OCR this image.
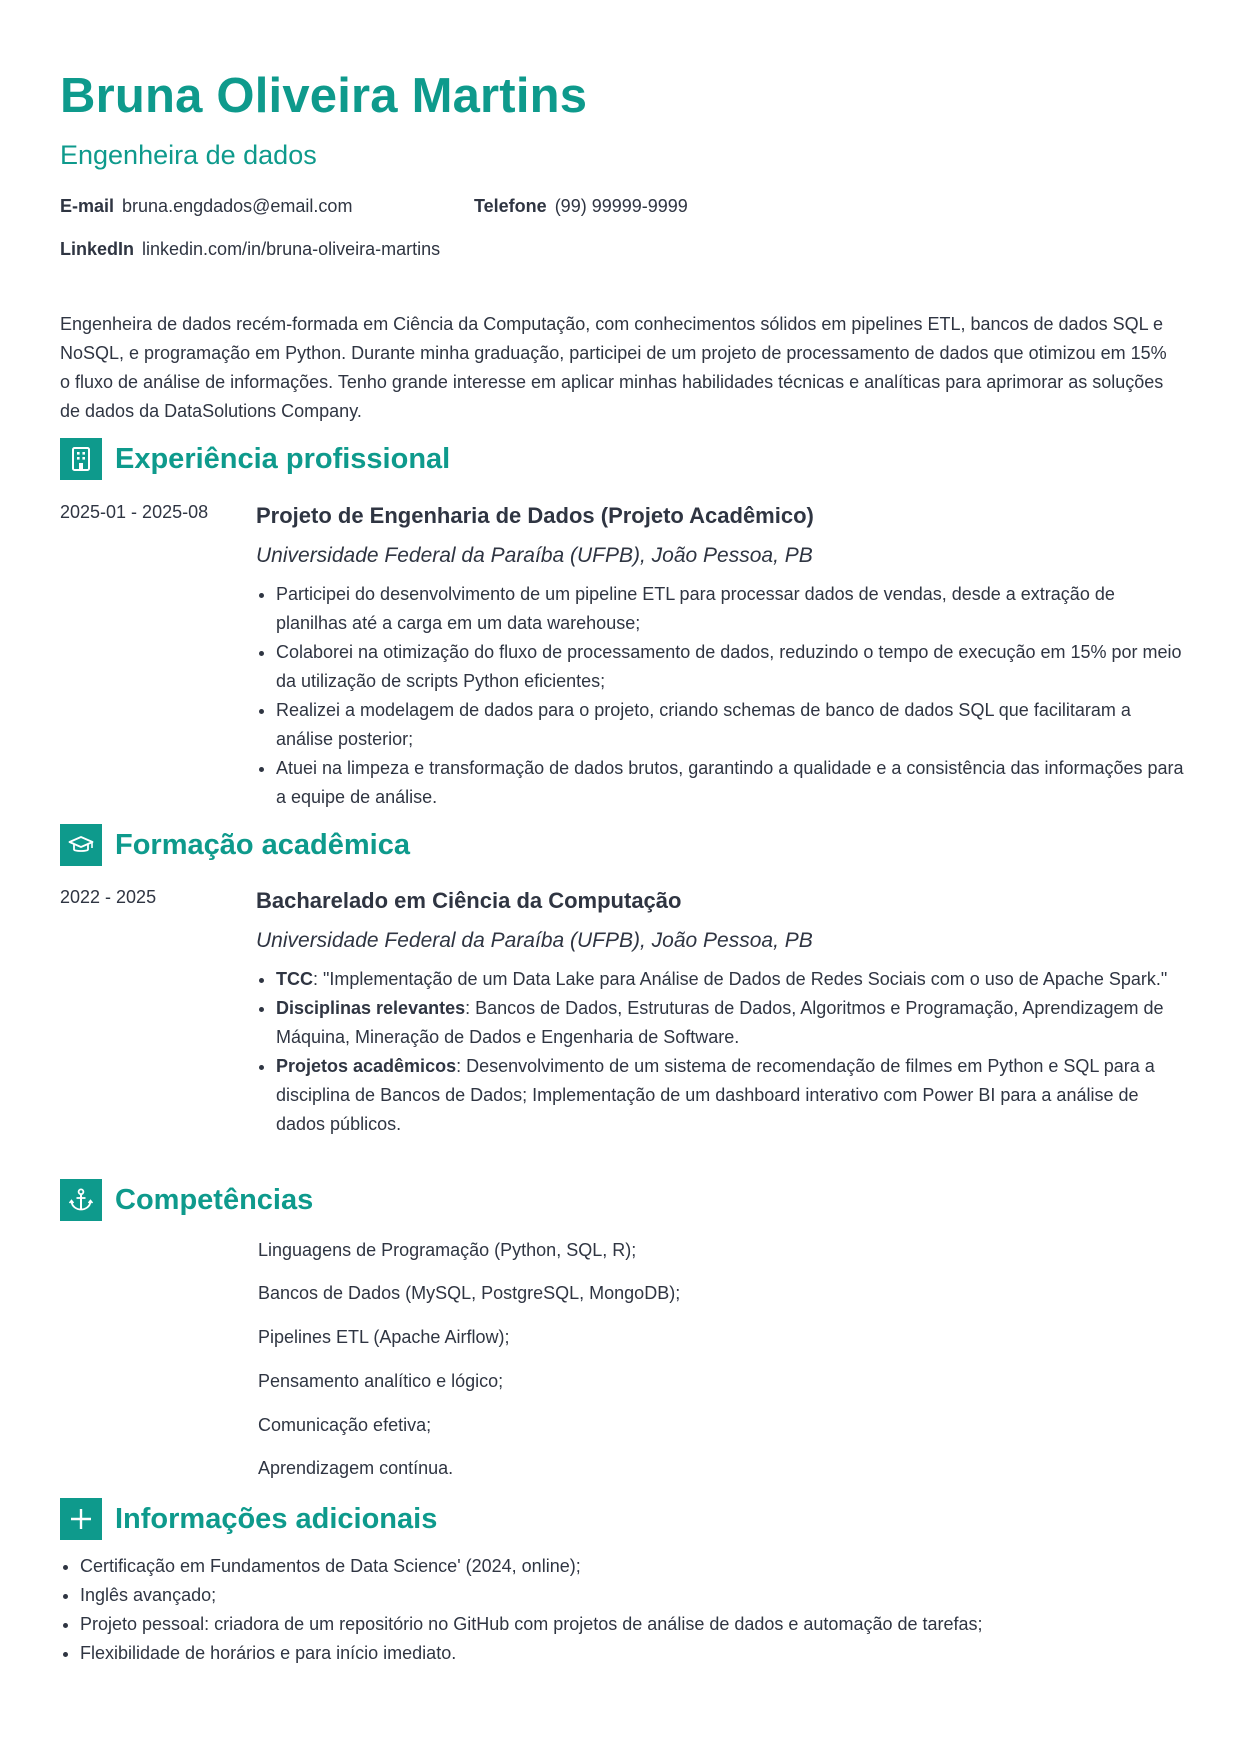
Bruna Oliveira Martins
Engenheira de dados
E-mail bruna.engdados@email.com	Telefone (99) 99999-9999
LinkedIn linkedin.com/in/bruna-oliveira-martins
Engenheira de dados recém-formada em Ciência da Computação, com conhecimentos sólidos em pipelines ETL, bancos de dados SQL e NoSQL, e programação em Python. Durante minha graduação, participei de um projeto de processamento de dados que otimizou em 15% o fluxo de análise de informações. Tenho grande interesse em aplicar minhas habilidades técnicas e analíticas para aprimorar as soluções de dados da DataSolutions Company.
Experiência profissional
2025-01 - 2025-08 Projeto de Engenharia de Dados (Projeto Acadêmico)
Universidade Federal da Paraíba (UFPB), João Pessoa, PB
• Participei do desenvolvimento de um pipeline ETL para processar dados de vendas, desde a extração de planilhas até a carga em um data warehouse;
• Colaborei na otimização do fluxo de processamento de dados, reduzindo o tempo de execução em 15% por meio da utilização de scripts Python eficientes;
• Realizei a modelagem de dados para o projeto, criando schemas de banco de dados SQL que facilitaram a análise posterior;
• Atuei na limpeza e transformação de dados brutos, garantindo a qualidade e a consistência das informações para a equipe de análise.
Formação acadêmica
2022 - 2025	Bacharelado em Ciência da Computação
Universidade Federal da Paraíba (UFPB), João Pessoa, PB
• TCC: "Implementação de um Data Lake para Análise de Dados de Redes Sociais com o uso de Apache Spark."
• Disciplinas relevantes: Bancos de Dados, Estruturas de Dados, Algoritmos e Programação, Aprendizagem de Máquina, Mineração de Dados e Engenharia de Software.
• Projetos acadêmicos: Desenvolvimento de um sistema de recomendação de filmes em Python e SQL para a disciplina de Bancos de Dados; Implementação de um dashboard interativo com Power BI para a análise de dados públicos.
Competências
Linguagens de Programação (Python, SQL, R);
Bancos de Dados (MySQL, PostgreSQL, MongoDB);
Pipelines ETL (Apache Airflow);
Pensamento analítico e lógico;
Comunicação efetiva;
Aprendizagem contínua.
Informações adicionais
• Certificação em Fundamentos de Data Science' (2024, online);
• Inglês avançado;
• Projeto pessoal: criadora de um repositório no GitHub com projetos de análise de dados e automação de tarefas;
• Flexibilidade de horários e para início imediato.
